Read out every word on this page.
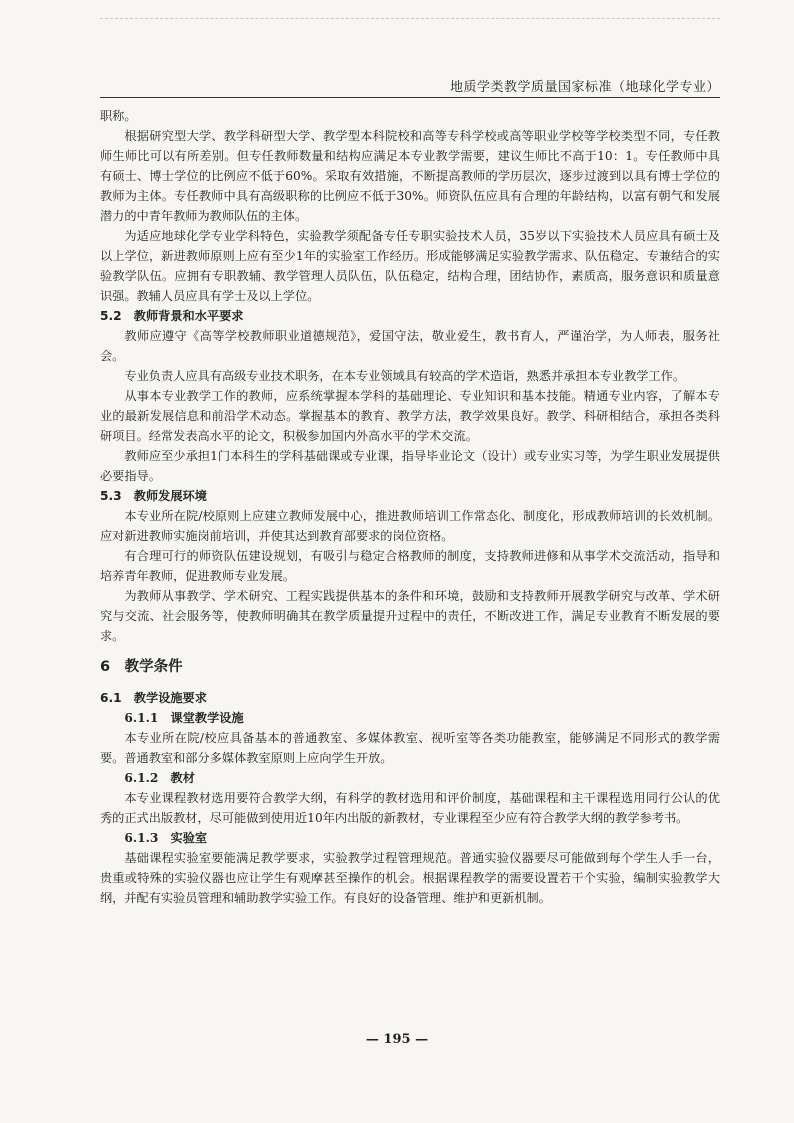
地质学类教学质量国家标准（地球化学专业）

职称。

根据研究型大学、教学科研型大学、教学型本科院校和高等专科学校或高等职业学校等学校类型不同，专任教师生师比可以有所差别。但专任教师数量和结构应满足本专业教学需要，建议生师比不高于10：1。专任教师中具有硕士、博士学位的比例应不低于60%。采取有效措施，不断提高教师的学历层次，逐步过渡到以具有博士学位的教师为主体。专任教师中具有高级职称的比例应不低于30%。师资队伍应具有合理的年龄结构，以富有朝气和发展潜力的中青年教师为教师队伍的主体。

为适应地球化学专业学科特色，实验教学须配备专任专职实验技术人员，35岁以下实验技术人员应具有硕士及以上学位，新进教师原则上应有至少1年的实验室工作经历。形成能够满足实验教学需求、队伍稳定、专兼结合的实验教学队伍。应拥有专职教辅、教学管理人员队伍，队伍稳定，结构合理，团结协作，素质高，服务意识和质量意识强。教辅人员应具有学士及以上学位。

5.2　教师背景和水平要求

教师应遵守《高等学校教师职业道德规范》，爱国守法，敬业爱生，教书育人，严谨治学，为人师表，服务社会。

专业负责人应具有高级专业技术职务，在本专业领域具有较高的学术造诣，熟悉并承担本专业教学工作。

从事本专业教学工作的教师，应系统掌握本学科的基础理论、专业知识和基本技能。精通专业内容，了解本专业的最新发展信息和前沿学术动态。掌握基本的教育、教学方法，教学效果良好。教学、科研相结合，承担各类科研项目。经常发表高水平的论文，积极参加国内外高水平的学术交流。

教师应至少承担1门本科生的学科基础课或专业课，指导毕业论文（设计）或专业实习等，为学生职业发展提供必要指导。

5.3　教师发展环境

本专业所在院/校原则上应建立教师发展中心，推进教师培训工作常态化、制度化，形成教师培训的长效机制。应对新进教师实施岗前培训，并使其达到教育部要求的岗位资格。

有合理可行的师资队伍建设规划，有吸引与稳定合格教师的制度，支持教师进修和从事学术交流活动，指导和培养青年教师，促进教师专业发展。

为教师从事教学、学术研究、工程实践提供基本的条件和环境，鼓励和支持教师开展教学研究与改革、学术研究与交流、社会服务等，使教师明确其在教学质量提升过程中的责任，不断改进工作，满足专业教育不断发展的要求。

6　教学条件
6.1　教学设施要求
6.1.1　课堂教学设施

本专业所在院/校应具备基本的普通教室、多媒体教室、视听室等各类功能教室，能够满足不同形式的教学需要。普通教室和部分多媒体教室原则上应向学生开放。

6.1.2　教材

本专业课程教材选用要符合教学大纲，有科学的教材选用和评价制度，基础课程和主干课程选用同行公认的优秀的正式出版教材，尽可能做到使用近10年内出版的新教材，专业课程至少应有符合教学大纲的教学参考书。

6.1.3　实验室

基础课程实验室要能满足教学要求，实验教学过程管理规范。普通实验仪器要尽可能做到每个学生人手一台，贵重或特殊的实验仪器也应让学生有观摩甚至操作的机会。根据课程教学的需要设置若干个实验，编制实验教学大纲，并配有实验员管理和辅助教学实验工作。有良好的设备管理、维护和更新机制。

— 195 —
